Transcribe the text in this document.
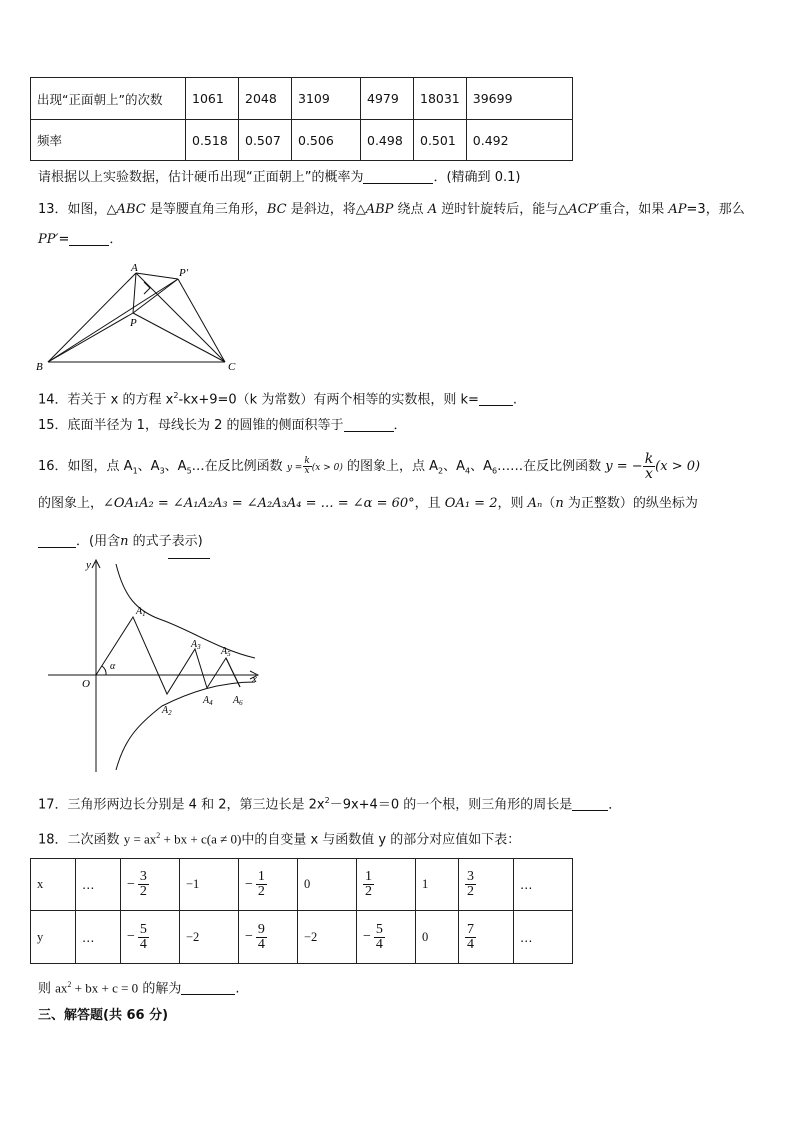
出现“正面朝上”的次数	1061	2048	3109	4979	18031	39699
频率	0.518	0.507	0.506	0.498	0.501	0.492
请根据以上实验数据，估计硬币出现“正面朝上”的概率为	．(精确到 0.1)
13．如图，△ABC 是等腰直角三角形，BC 是斜边，将△ABP 绕点 A 逆时针旋转后，能与△ACP′重合，如果 AP=3，那么
PP′=	．
A	P′
P
B	C
14．若关于 x 的方程 $x^2-kx+9=0(k$ 为常数）有两个相等的实数根，则 k=	.
15．底面半径为 1，母线长为 2 的圆锥的侧面积等于	．
16．如图，点 $A_1$、$A_3$、$A_5\dots$在反比例函数 $y = \frac{k}{x} (x > 0)$ 的图象上，点 $A_2$、$A_4$、$A_6\dots\dots$在反比例函数 y = − $\frac{k}{x} (x > 0)$
的图象上，∠OA₁A₂ = ∠A₁A₂A₃ = ∠A₂A₃A₄ = … = ∠α = 60°，且 OA₁ = 2，则 Aₙ（n 为正整数）的纵坐标为
．(用含n 的式子表示)
y
x
O
α
$A_1$
$A_2$
$A_3$
$A_4$
$A_5$
$A_6$
17．三角形两边长分别是 4 和 2，第三边长是 $2x^2-9x+4=0$ 的一个根，则三角形的周长是	．
18．二次函数 $y = ax^2$ + bx + c(a ≠ 0)中的自变量 x 与函数值 y 的部分对应值如下表：
x	…	− $\frac{3}{2}$	−1	− $\frac{1}{2}$	0	$\frac{1}{2}$	1	$\frac{3}{2}$	…
y	…	− $\frac{5}{4}$	−2	− $\frac{9}{4}$	−2	− $\frac{5}{4}$	0	$\frac{7}{4}$	…
则 $ax^2$ + bx + c = 0 的解为	.
三、解答题(共 66 分)
